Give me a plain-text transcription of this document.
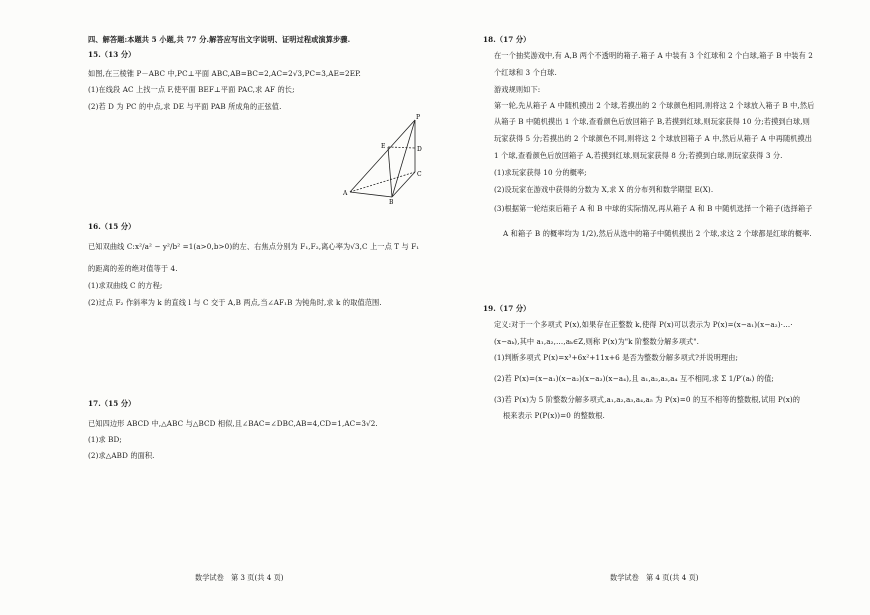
四、解答题:本题共 5 小题,共 77 分.解答应写出文字说明、证明过程或演算步骤.
15.（13 分）
如图,在三棱锥 P－ABC 中,PC⊥平面 ABC,AB=BC=2,AC=2√3,PC=3,AE=2EP.
(1)在线段 AC 上找一点 F,使平面 BEF⊥平面 PAC,求 AF 的长;
(2)若 D 为 PC 的中点,求 DE 与平面 PAB 所成角的正弦值.
P
E	D
C
A
B
16.（15 分）
已知双曲线 C:x²/a² − y²/b² =1(a>0,b>0)的左、右焦点分别为 F₁,F₂,离心率为√3,C 上一点 T 与 F₁
的距离的差的绝对值等于 4.
(1)求双曲线 C 的方程;
(2)过点 F₂ 作斜率为 k 的直线 l 与 C 交于 A,B 两点,当∠AF₁B 为钝角时,求 k 的取值范围.
17.（15 分）
已知四边形 ABCD 中,△ABC 与△BCD 相似,且∠BAC=∠DBC,AB=4,CD=1,AC=3√2.
(1)求 BD;
(2)求△ABD 的面积.
数学试卷　第 3 页(共 4 页)
18.（17 分）
在一个抽奖游戏中,有 A,B 两个不透明的箱子.箱子 A 中装有 3 个红球和 2 个白球,箱子 B 中装有 2
个红球和 3 个白球.
游戏规则如下:
第一轮,先从箱子 A 中随机摸出 2 个球,若摸出的 2 个球颜色相同,则将这 2 个球放入箱子 B 中,然后
从箱子 B 中随机摸出 1 个球,查看颜色后放回箱子 B,若摸到红球,则玩家获得 10 分;若摸到白球,则
玩家获得 5 分;若摸出的 2 个球颜色不同,则将这 2 个球放回箱子 A 中,然后从箱子 A 中再随机摸出
1 个球,查看颜色后放回箱子 A,若摸到红球,则玩家获得 8 分;若摸到白球,则玩家获得 3 分.
(1)求玩家获得 10 分的概率;
(2)设玩家在游戏中获得的分数为 X,求 X 的分布列和数学期望 E(X).
(3)根据第一轮结束后箱子 A 和 B 中球的实际情况,再从箱子 A 和 B 中随机选择一个箱子(选择箱子
A 和箱子 B 的概率均为 1/2),然后从选中的箱子中随机摸出 2 个球,求这 2 个球都是红球的概率.
19.（17 分）
定义:对于一个多项式 P(x),如果存在正整数 k,使得 P(x)可以表示为 P(x)=(x−a₁)(x−a₂)·…·
(x−aₖ),其中 a₁,a₂,…,aₖ∈Z,则称 P(x)为"k 阶整数分解多项式".
(1)判断多项式 P(x)=x³+6x²+11x+6 是否为整数分解多项式?并说明理由;
(2)若 P(x)=(x−a₁)(x−a₂)(x−a₃)(x−a₄),且 a₁,a₂,a₃,a₄ 互不相同,求 Σ 1/P′(aᵢ) 的值;
(3)若 P(x)为 5 阶整数分解多项式,a₁,a₂,a₃,a₄,a₅ 为 P(x)=0 的互不相等的整数根,试用 P(x)的
根来表示 P(P(x))=0 的整数根.
数学试卷　第 4 页(共 4 页)
